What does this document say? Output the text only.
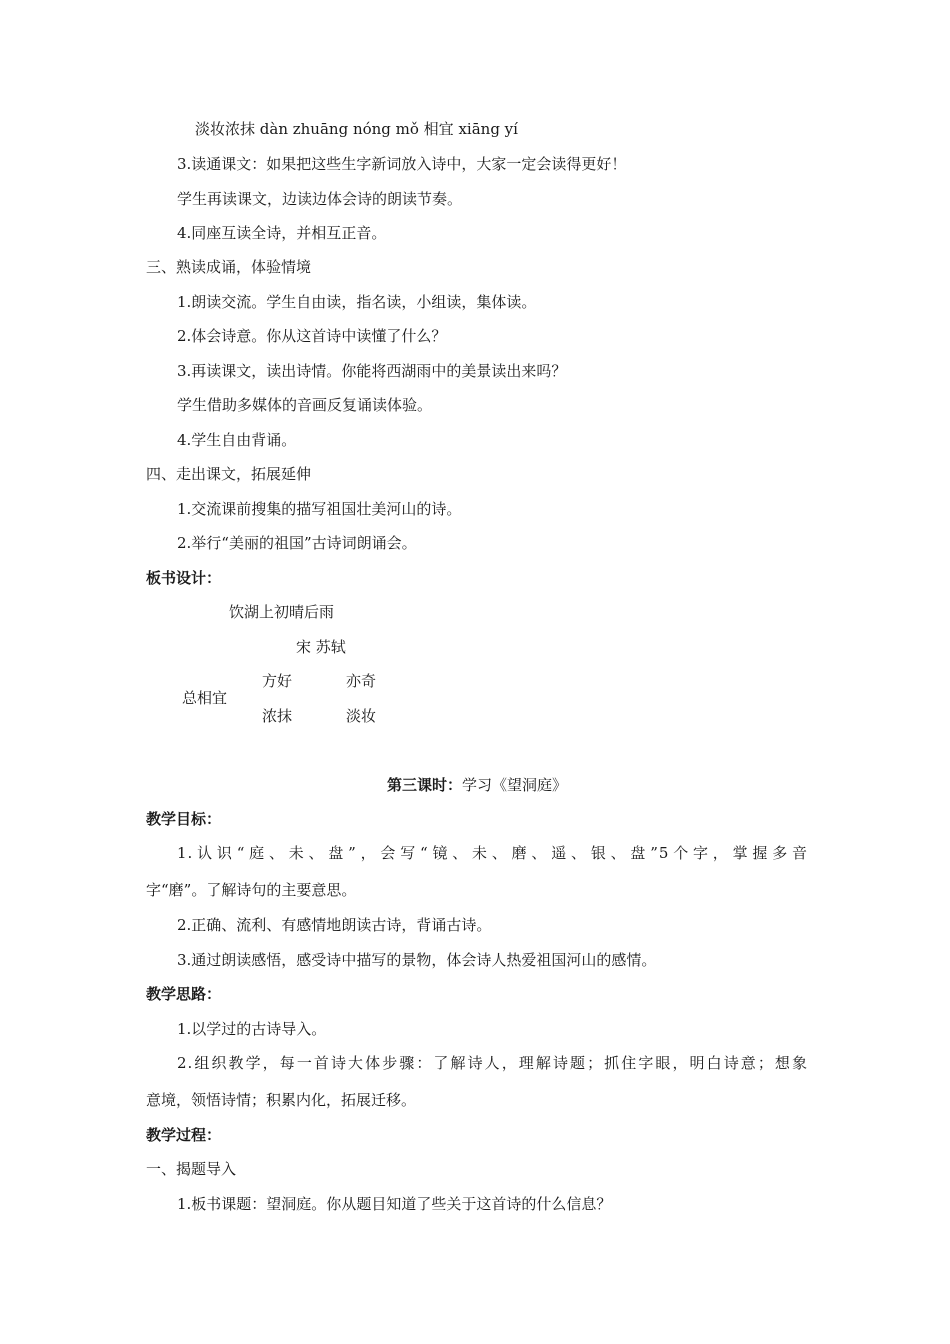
淡妆浓抹 dàn zhuāng nóng mǒ 相宜 xiāng yí
3.读通课文：如果把这些生字新词放入诗中，大家一定会读得更好！
学生再读课文，边读边体会诗的朗读节奏。
4.同座互读全诗，并相互正音。
三、熟读成诵，体验情境
1.朗读交流。学生自由读，指名读，小组读，集体读。
2.体会诗意。你从这首诗中读懂了什么？
3.再读课文，读出诗情。你能将西湖雨中的美景读出来吗？
学生借助多媒体的音画反复诵读体验。
4.学生自由背诵。
四、走出课文，拓展延伸
1.交流课前搜集的描写祖国壮美河山的诗。
2.举行“美丽的祖国”古诗词朗诵会。
板书设计：
饮湖上初晴后雨
宋 苏轼
总相宜
方好	亦奇
浓抹	淡妆
第三课时：学习《望洞庭》
教学目标：
1.认识“庭、未、盘”，会写“镜、未、磨、遥、银、盘”5个字，掌握多音
字“磨”。了解诗句的主要意思。
2.正确、流利、有感情地朗读古诗，背诵古诗。
3.通过朗读感悟，感受诗中描写的景物，体会诗人热爱祖国河山的感情。
教学思路：
1.以学过的古诗导入。
2.组织教学，每一首诗大体步骤：了解诗人，理解诗题；抓住字眼，明白诗意；想象
意境，领悟诗情；积累内化，拓展迁移。
教学过程：
一、揭题导入
1.板书课题：望洞庭。你从题目知道了些关于这首诗的什么信息？
